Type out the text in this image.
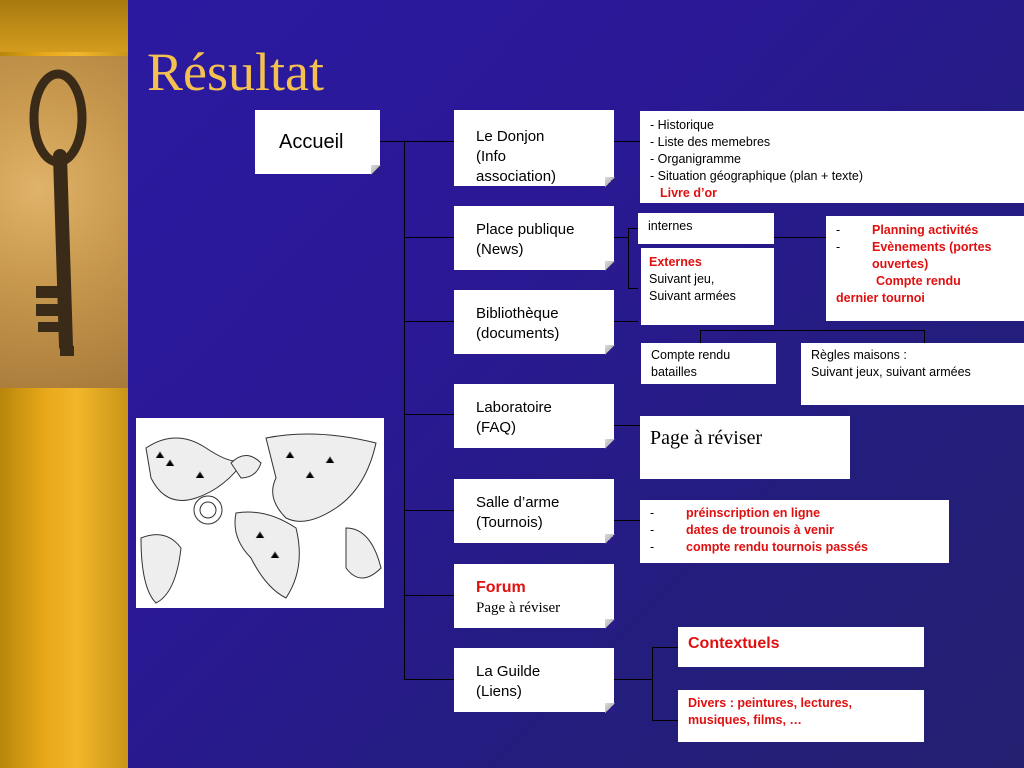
Résultat
Accueil	Le Donjon
(Info
association)
Place publique
(News)
Bibliothèque
(documents)
Laboratoire
(FAQ)
Salle d’arme
(Tournois)
Forum
Page à réviser
La Guilde
(Liens)
- Historique
- Liste des memebres
- Organigramme
- Situation géographique (plan + texte)
Livre d’or
internes
Externes
Suivant jeu,
Suivant armées
- Planning activités
- Evènements (portes ouvertes)
Compte rendu
dernier tournoi
Compte rendu
batailles
Règles maisons :
Suivant jeux, suivant armées
Page à réviser
- préinscription en ligne
- dates de trounois à venir
- compte rendu tournois passés
Contextuels
Divers : peintures, lectures, musiques, films, …
